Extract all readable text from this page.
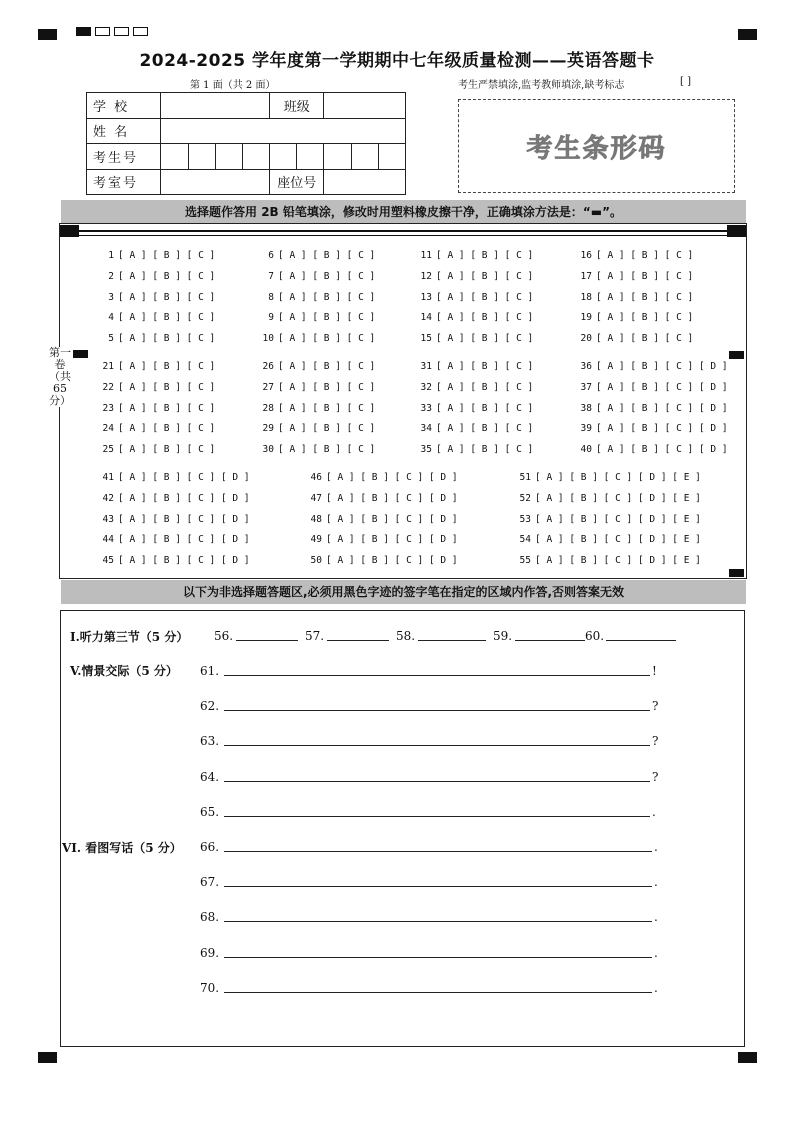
2024-2025 学年度第一学期期中七年级质量检测——英语答题卡
第 1 面（共 2 面）	考生严禁填涂,监考教师填涂,缺考标志	[ ]
学 校					班级				
姓 名									
考生号									
考室号					座位号				
考生条形码
选择题作答用 2B 铅笔填涂，修改时用塑料橡皮擦干净，正确填涂方法是：“▬”。
第一卷（共65分）
1 [ A ] [ B ] [ C ]
2 [ A ] [ B ] [ C ]
3 [ A ] [ B ] [ C ]
4 [ A ] [ B ] [ C ]
5 [ A ] [ B ] [ C ]
6 [ A ] [ B ] [ C ]
7 [ A ] [ B ] [ C ]
8 [ A ] [ B ] [ C ]
9 [ A ] [ B ] [ C ]
10 [ A ] [ B ] [ C ]
11 [ A ] [ B ] [ C ]
12 [ A ] [ B ] [ C ]
13 [ A ] [ B ] [ C ]
14 [ A ] [ B ] [ C ]
15 [ A ] [ B ] [ C ]
16 [ A ] [ B ] [ C ]
17 [ A ] [ B ] [ C ]
18 [ A ] [ B ] [ C ]
19 [ A ] [ B ] [ C ]
20 [ A ] [ B ] [ C ]
21 [ A ] [ B ] [ C ]
22 [ A ] [ B ] [ C ]
23 [ A ] [ B ] [ C ]
24 [ A ] [ B ] [ C ]
25 [ A ] [ B ] [ C ]
26 [ A ] [ B ] [ C ]
27 [ A ] [ B ] [ C ]
28 [ A ] [ B ] [ C ]
29 [ A ] [ B ] [ C ]
30 [ A ] [ B ] [ C ]
31 [ A ] [ B ] [ C ]
32 [ A ] [ B ] [ C ]
33 [ A ] [ B ] [ C ]
34 [ A ] [ B ] [ C ]
35 [ A ] [ B ] [ C ]
36 [ A ] [ B ] [ C ] [ D ]
37 [ A ] [ B ] [ C ] [ D ]
38 [ A ] [ B ] [ C ] [ D ]
39 [ A ] [ B ] [ C ] [ D ]
40 [ A ] [ B ] [ C ] [ D ]
41 [ A ] [ B ] [ C ] [ D ]
42 [ A ] [ B ] [ C ] [ D ]
43 [ A ] [ B ] [ C ] [ D ]
44 [ A ] [ B ] [ C ] [ D ]
45 [ A ] [ B ] [ C ] [ D ]
46 [ A ] [ B ] [ C ] [ D ]
47 [ A ] [ B ] [ C ] [ D ]
48 [ A ] [ B ] [ C ] [ D ]
49 [ A ] [ B ] [ C ] [ D ]
50 [ A ] [ B ] [ C ] [ D ]
51 [ A ] [ B ] [ C ] [ D ] [ E ]
52 [ A ] [ B ] [ C ] [ D ] [ E ]
53 [ A ] [ B ] [ C ] [ D ] [ E ]
54 [ A ] [ B ] [ C ] [ D ] [ E ]
55 [ A ] [ B ] [ C ] [ D ] [ E ]
以下为非选择题答题区,必须用黑色字迹的签字笔在指定的区域内作答,否则答案无效
I.听力第三节（5 分） 56.	57.	58.	59.	60.
V.情景交际（5 分） 61.	!
62.	?
63.	?
64.	?
65.	.
VI. 看图写话（5 分） 66.	.
67.	.
68.	.
69.	.
70.	.
